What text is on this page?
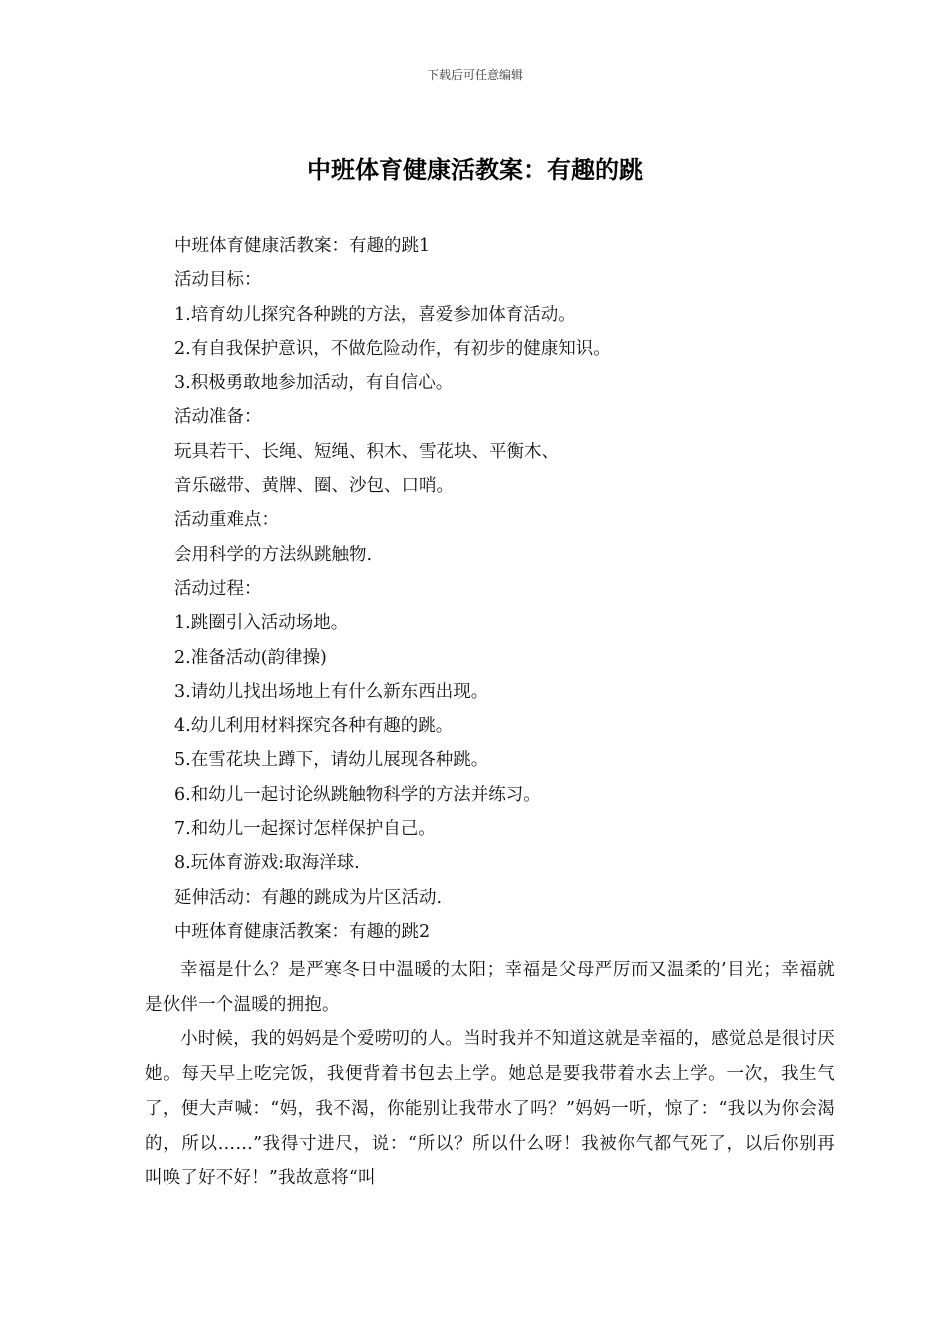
下载后可任意编辑
中班体育健康活教案：有趣的跳
中班体育健康活教案：有趣的跳1
活动目标：
1.培育幼儿探究各种跳的方法，喜爱参加体育活动。
2.有自我保护意识，不做危险动作，有初步的健康知识。
3.积极勇敢地参加活动，有自信心。
活动准备：
玩具若干、长绳、短绳、积木、雪花块、平衡木、
音乐磁带、黄牌、圈、沙包、口哨。
活动重难点：
会用科学的方法纵跳触物.
活动过程：
1.跳圈引入活动场地。
2.准备活动(韵律操)
3.请幼儿找出场地上有什么新东西出现。
4.幼儿利用材料探究各种有趣的跳。
5.在雪花块上蹲下，请幼儿展现各种跳。
6.和幼儿一起讨论纵跳触物科学的方法并练习。
7.和幼儿一起探讨怎样保护自己。
8.玩体育游戏:取海洋球.
延伸活动：有趣的跳成为片区活动.
中班体育健康活教案：有趣的跳2

幸福是什么？是严寒冬日中温暖的太阳；幸福是父母严厉而又温柔的’目光；幸福就是伙伴一个温暖的拥抱。

小时候，我的妈妈是个爱唠叨的人。当时我并不知道这就是幸福的，感觉总是很讨厌她。每天早上吃完饭，我便背着书包去上学。她总是要我带着水去上学。一次，我生气了，便大声喊：“妈，我不渴，你能别让我带水了吗？”妈妈一听，惊了：“我以为你会渴的，所以……”我得寸进尺，说：“所以？所以什么呀！我被你气都气死了，以后你别再叫唤了好不好！”我故意将“叫
